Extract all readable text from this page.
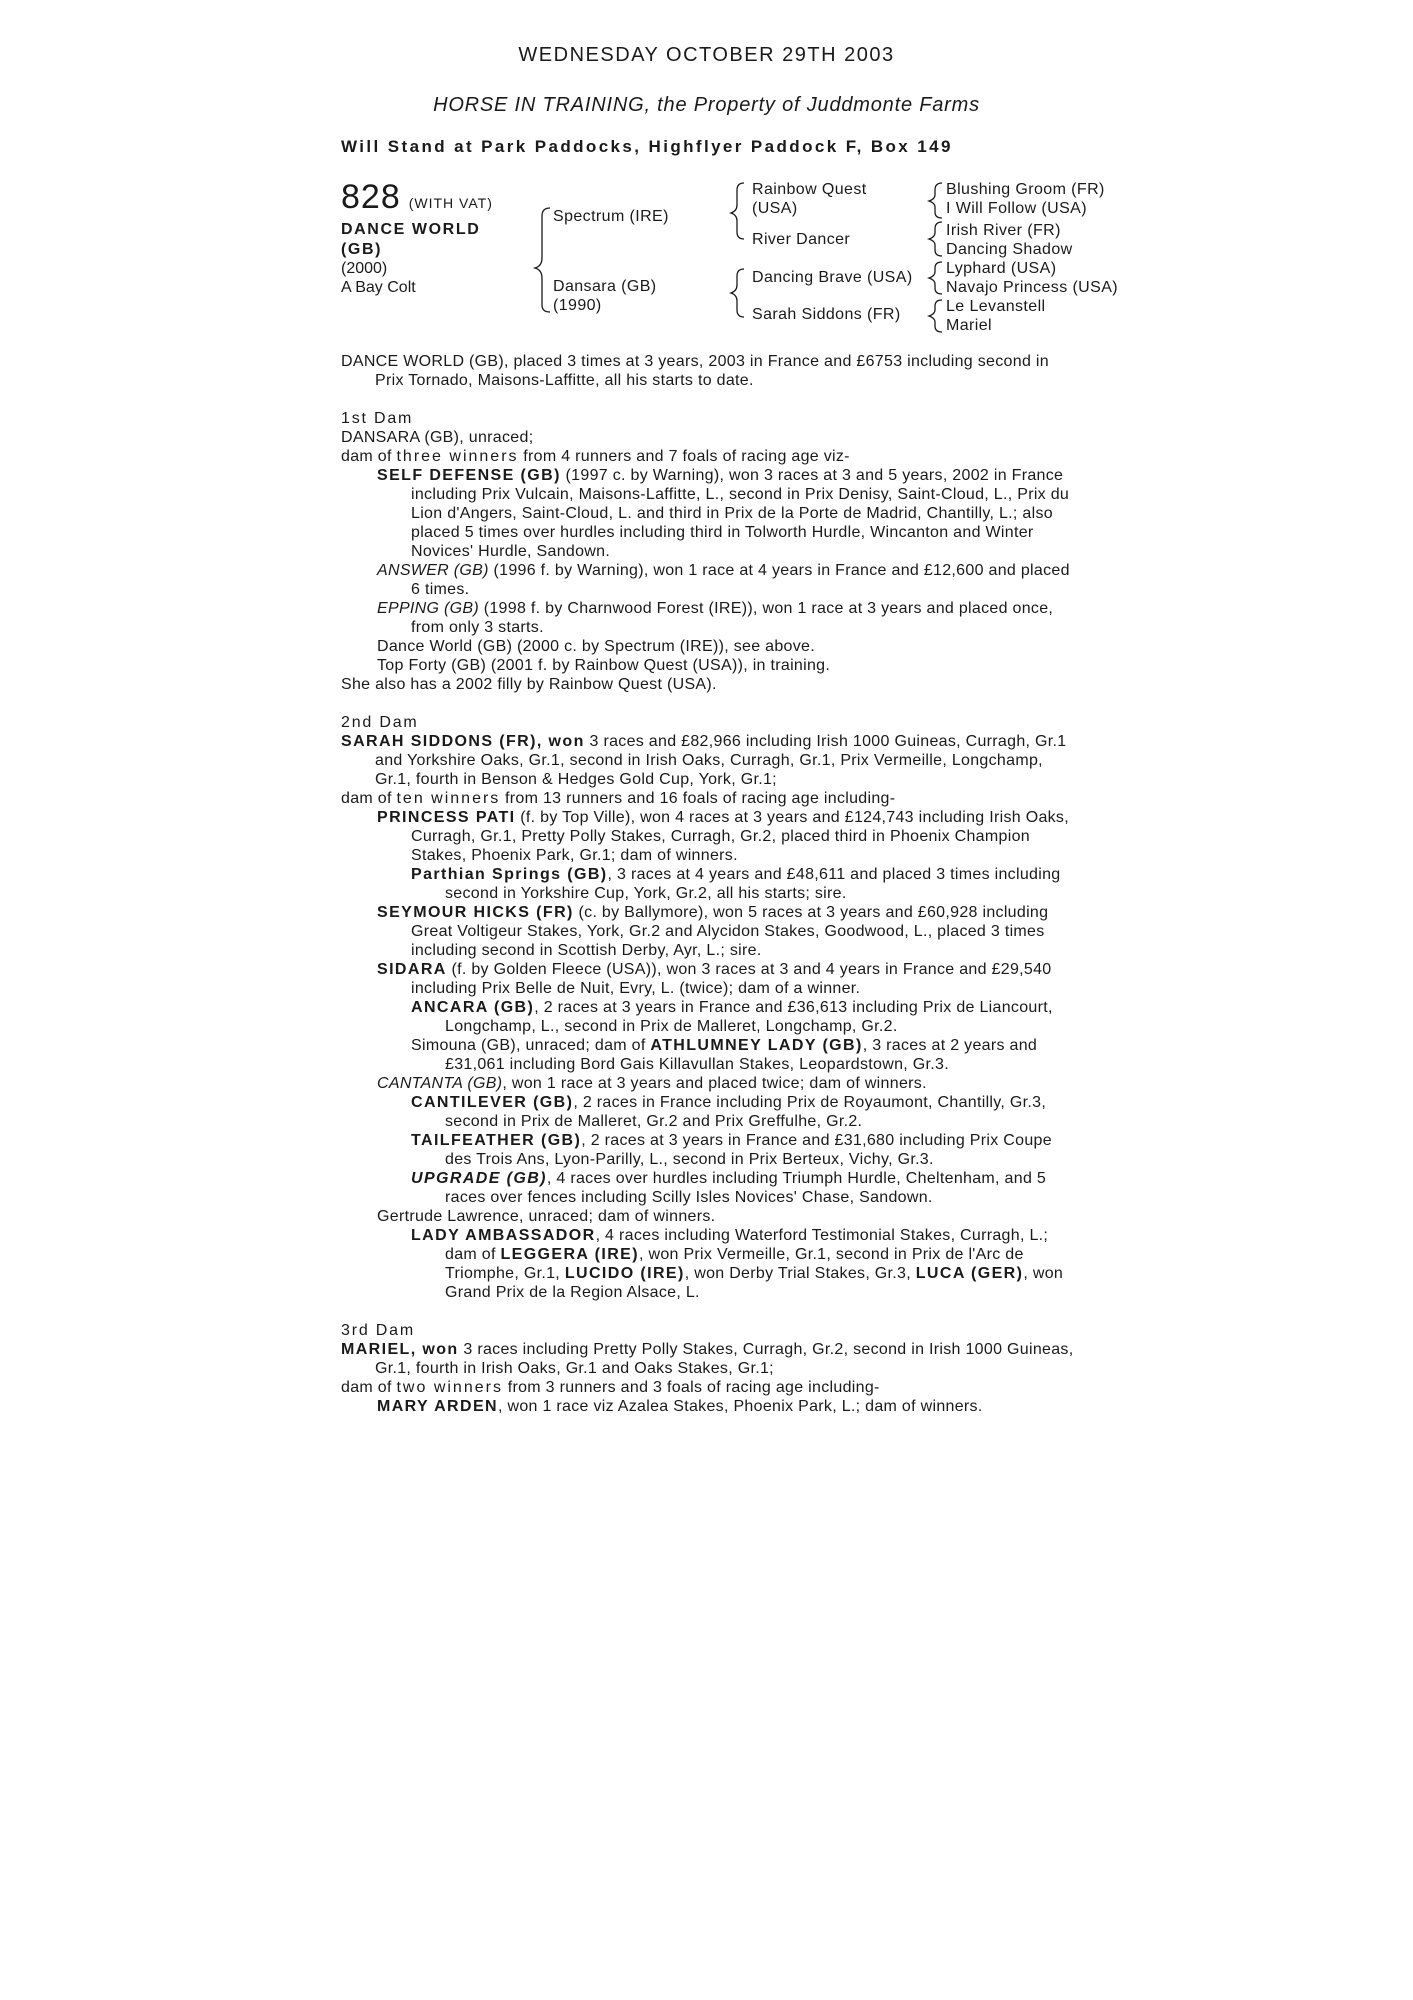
WEDNESDAY OCTOBER 29TH 2003
HORSE IN TRAINING, the Property of Juddmonte Farms
Will Stand at Park Paddocks, Highflyer Paddock F, Box 149
828 (WITH VAT)
DANCE WORLD (GB)
(2000)
A Bay Colt
Spectrum (IRE)
Dansara (GB)
(1990)
Rainbow Quest
(USA)
River Dancer
Dancing Brave (USA)
Sarah Siddons (FR)
Blushing Groom (FR)
I Will Follow (USA)
Irish River (FR)
Dancing Shadow
Lyphard (USA)
Navajo Princess (USA)
Le Levanstell
Mariel

DANCE WORLD (GB), placed 3 times at 3 years, 2003 in France and £6753 including second in Prix Tornado, Maisons-Laffitte, all his starts to date.

1st Dam

DANSARA (GB), unraced;

dam of three winners from 4 runners and 7 foals of racing age viz-

SELF DEFENSE (GB) (1997 c. by Warning), won 3 races at 3 and 5 years, 2002 in France including Prix Vulcain, Maisons-Laffitte, L., second in Prix Denisy, Saint-Cloud, L., Prix du Lion d'Angers, Saint-Cloud, L. and third in Prix de la Porte de Madrid, Chantilly, L.; also placed 5 times over hurdles including third in Tolworth Hurdle, Wincanton and Winter Novices' Hurdle, Sandown.

ANSWER (GB) (1996 f. by Warning), won 1 race at 4 years in France and £12,600 and placed 6 times.

EPPING (GB) (1998 f. by Charnwood Forest (IRE)), won 1 race at 3 years and placed once, from only 3 starts.

Dance World (GB) (2000 c. by Spectrum (IRE)), see above.

Top Forty (GB) (2001 f. by Rainbow Quest (USA)), in training.

She also has a 2002 filly by Rainbow Quest (USA).

2nd Dam

SARAH SIDDONS (FR), won 3 races and £82,966 including Irish 1000 Guineas, Curragh, Gr.1 and Yorkshire Oaks, Gr.1, second in Irish Oaks, Curragh, Gr.1, Prix Vermeille, Longchamp, Gr.1, fourth in Benson & Hedges Gold Cup, York, Gr.1;

dam of ten winners from 13 runners and 16 foals of racing age including-

PRINCESS PATI (f. by Top Ville), won 4 races at 3 years and £124,743 including Irish Oaks, Curragh, Gr.1, Pretty Polly Stakes, Curragh, Gr.2, placed third in Phoenix Champion Stakes, Phoenix Park, Gr.1; dam of winners.

Parthian Springs (GB), 3 races at 4 years and £48,611 and placed 3 times including second in Yorkshire Cup, York, Gr.2, all his starts; sire.

SEYMOUR HICKS (FR) (c. by Ballymore), won 5 races at 3 years and £60,928 including Great Voltigeur Stakes, York, Gr.2 and Alycidon Stakes, Goodwood, L., placed 3 times including second in Scottish Derby, Ayr, L.; sire.

SIDARA (f. by Golden Fleece (USA)), won 3 races at 3 and 4 years in France and £29,540 including Prix Belle de Nuit, Evry, L. (twice); dam of a winner.

ANCARA (GB), 2 races at 3 years in France and £36,613 including Prix de Liancourt, Longchamp, L., second in Prix de Malleret, Longchamp, Gr.2.

Simouna (GB), unraced; dam of ATHLUMNEY LADY (GB), 3 races at 2 years and £31,061 including Bord Gais Killavullan Stakes, Leopardstown, Gr.3.

CANTANTA (GB), won 1 race at 3 years and placed twice; dam of winners.

CANTILEVER (GB), 2 races in France including Prix de Royaumont, Chantilly, Gr.3, second in Prix de Malleret, Gr.2 and Prix Greffulhe, Gr.2.

TAILFEATHER (GB), 2 races at 3 years in France and £31,680 including Prix Coupe des Trois Ans, Lyon-Parilly, L., second in Prix Berteux, Vichy, Gr.3.

UPGRADE (GB), 4 races over hurdles including Triumph Hurdle, Cheltenham, and 5 races over fences including Scilly Isles Novices' Chase, Sandown.

Gertrude Lawrence, unraced; dam of winners.

LADY AMBASSADOR, 4 races including Waterford Testimonial Stakes, Curragh, L.; dam of LEGGERA (IRE), won Prix Vermeille, Gr.1, second in Prix de l'Arc de Triomphe, Gr.1, LUCIDO (IRE), won Derby Trial Stakes, Gr.3, LUCA (GER), won Grand Prix de la Region Alsace, L.

3rd Dam

MARIEL, won 3 races including Pretty Polly Stakes, Curragh, Gr.2, second in Irish 1000 Guineas, Gr.1, fourth in Irish Oaks, Gr.1 and Oaks Stakes, Gr.1;

dam of two winners from 3 runners and 3 foals of racing age including-

MARY ARDEN, won 1 race viz Azalea Stakes, Phoenix Park, L.; dam of winners.
